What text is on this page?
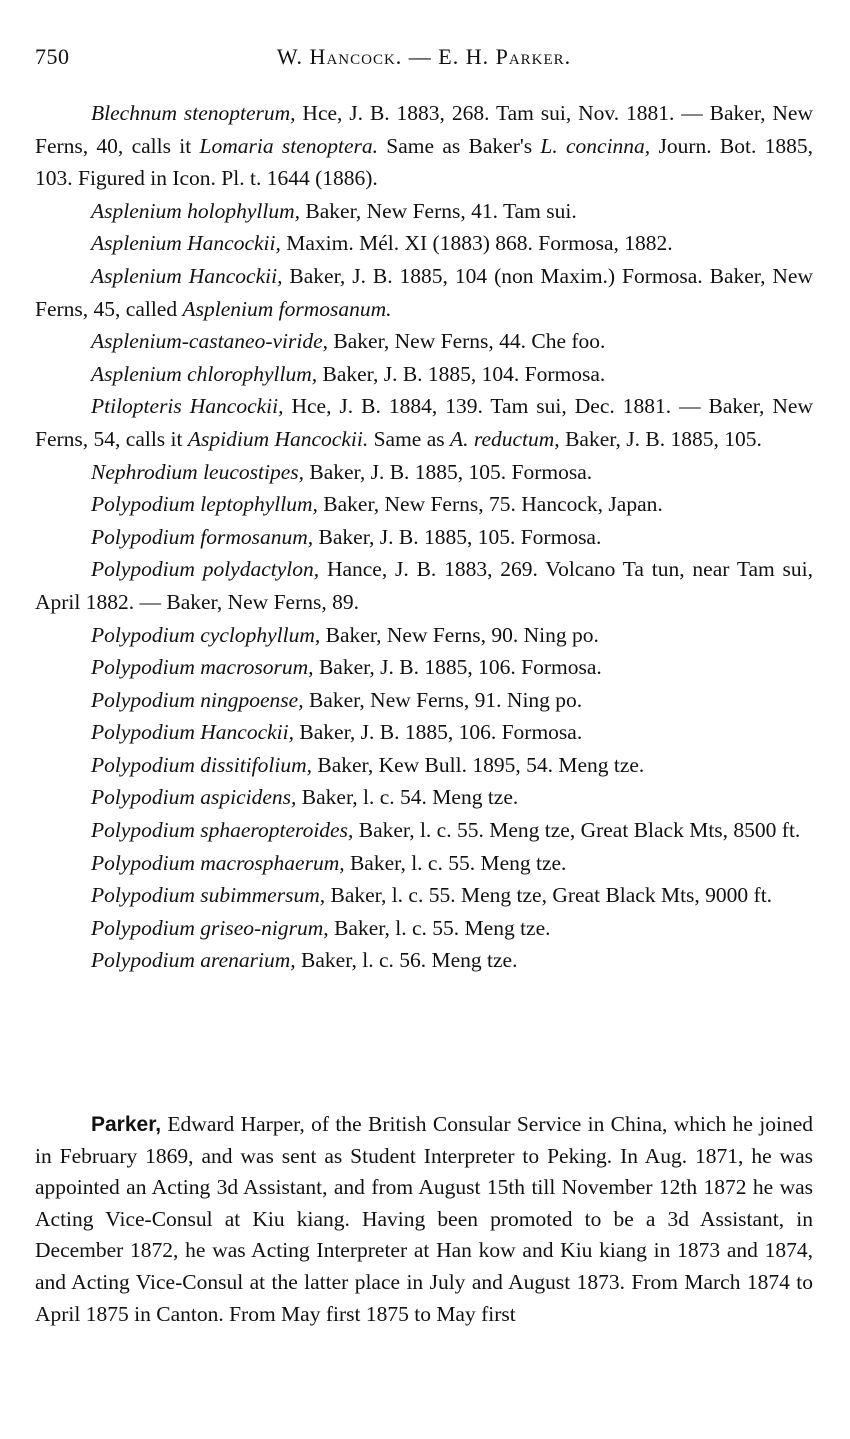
750	W. Hancock. — E. H. Parker.

Blechnum stenopterum, Hce, J. B. 1883, 268. Tam sui, Nov. 1881. — Baker, New Ferns, 40, calls it Lomaria stenoptera. Same as Baker's L. concinna, Journ. Bot. 1885, 103. Figured in Icon. Pl. t. 1644 (1886).

Asplenium holophyllum, Baker, New Ferns, 41. Tam sui.

Asplenium Hancockii, Maxim. Mél. XI (1883) 868. Formosa, 1882.

Asplenium Hancockii, Baker, J. B. 1885, 104 (non Maxim.) Formosa. Baker, New Ferns, 45, called Asplenium formosanum.

Asplenium-castaneo-viride, Baker, New Ferns, 44. Che foo.

Asplenium chlorophyllum, Baker, J. B. 1885, 104. Formosa.

Ptilopteris Hancockii, Hce, J. B. 1884, 139. Tam sui, Dec. 1881. — Baker, New Ferns, 54, calls it Aspidium Hancockii. Same as A. reductum, Baker, J. B. 1885, 105.

Nephrodium leucostipes, Baker, J. B. 1885, 105. Formosa.

Polypodium leptophyllum, Baker, New Ferns, 75. Hancock, Japan.

Polypodium formosanum, Baker, J. B. 1885, 105. Formosa.

Polypodium polydactylon, Hance, J. B. 1883, 269. Volcano Ta tun, near Tam sui, April 1882. — Baker, New Ferns, 89.

Polypodium cyclophyllum, Baker, New Ferns, 90. Ning po.

Polypodium macrosorum, Baker, J. B. 1885, 106. Formosa.

Polypodium ningpoense, Baker, New Ferns, 91. Ning po.

Polypodium Hancockii, Baker, J. B. 1885, 106. Formosa.

Polypodium dissitifolium, Baker, Kew Bull. 1895, 54. Meng tze.

Polypodium aspicidens, Baker, l. c. 54. Meng tze.

Polypodium sphaeropteroides, Baker, l. c. 55. Meng tze, Great Black Mts, 8500 ft.

Polypodium macrosphaerum, Baker, l. c. 55. Meng tze.

Polypodium subimmersum, Baker, l. c. 55. Meng tze, Great Black Mts, 9000 ft.

Polypodium griseo-nigrum, Baker, l. c. 55. Meng tze.

Polypodium arenarium, Baker, l. c. 56. Meng tze.

Parker, Edward Harper, of the British Consular Service in China, which he joined in February 1869, and was sent as Student Interpreter to Peking. In Aug. 1871, he was appointed an Acting 3d Assistant, and from August 15th till November 12th 1872 he was Acting Vice-Consul at Kiu kiang. Having been promoted to be a 3d Assistant, in December 1872, he was Acting Interpreter at Han kow and Kiu kiang in 1873 and 1874, and Acting Vice-Consul at the latter place in July and August 1873. From March 1874 to April 1875 in Canton. From May first 1875 to May first
